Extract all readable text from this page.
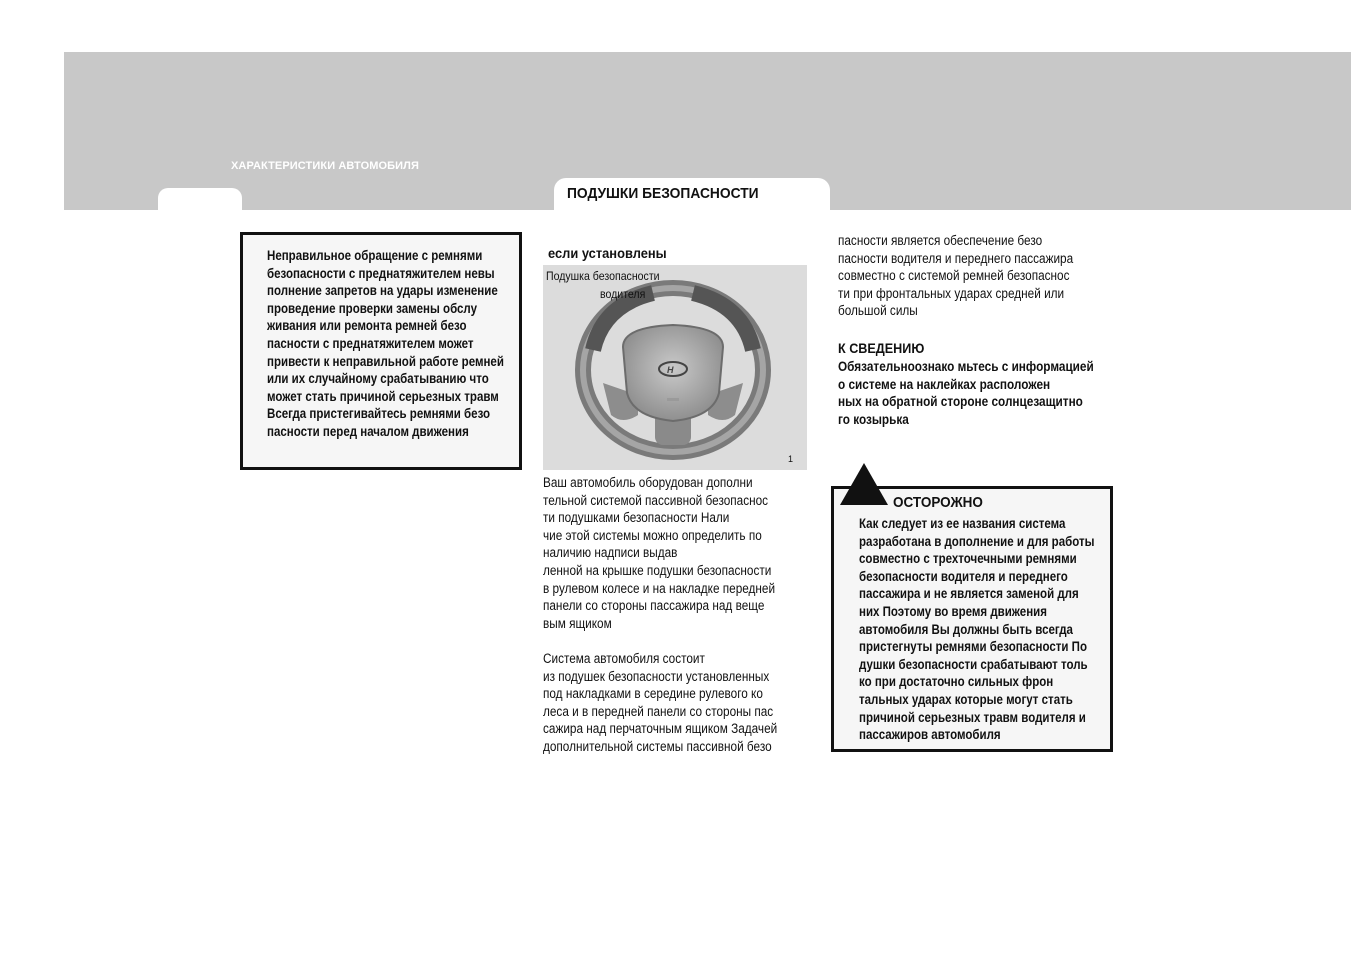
ХАРАКТЕРИСТИКИ АВТОМОБИЛЯ
ПОДУШКИ БЕЗОПАСНОСТИ

Неправильное обращение с ремнями

безопасности с преднатяжителем невы

полнение запретов на удары изменение

проведение проверки замены обслу

живания или ремонта ремней безо

пасности с преднатяжителем может

привести к неправильной работе ремней

или их случайному срабатыванию что

может стать причиной серьезных травм

Всегда пристегивайтесь ремнями безо

пасности перед началом движения

если установлены
H
Подушка безопасности
водителя
1

Ваш автомобиль оборудован дополни

тельной системой пассивной безопаснос

ти подушками безопасности Нали

чие этой системы можно определить по

наличию надписи выдав

ленной на крышке подушки безопасности

в рулевом колесе и на накладке передней

панели со стороны пассажира над веще

вым ящиком

Система автомобиля состоит

из подушек безопасности установленных

под накладками в середине рулевого ко

леса и в передней панели со стороны пас

сажира над перчаточным ящиком Задачей

дополнительной системы пассивной безо

пасности является обеспечение безо

пасности водителя и переднего пассажира

совместно с системой ремней безопаснос

ти при фронтальных ударах средней или

большой силы

К СВЕДЕНИЮ

Обязательноознако мьтесь с информацией

о системе на наклейках расположен

ных на обратной стороне солнцезащитно

го козырька

ОСТОРОЖНО

Как следует из ее названия система

разработана в дополнение и для работы

совместно с трехточечными ремнями

безопасности водителя и переднего

пассажира и не является заменой для

них Поэтому во время движения

автомобиля Вы должны быть всегда

пристегнуты ремнями безопасности По

душки безопасности срабатывают толь

ко при достаточно сильных фрон

тальных ударах которые могут стать

причиной серьезных травм водителя и

пассажиров автомобиля
